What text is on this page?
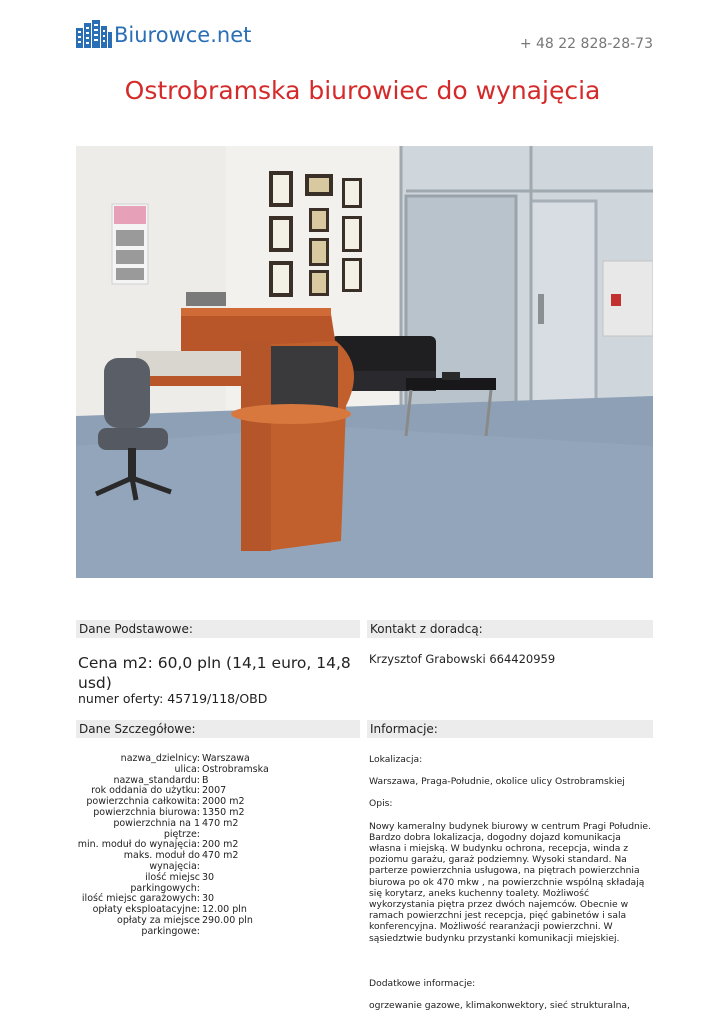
Biurowce.net	+ 48 22 828-28-73
Ostrobramska biurowiec do wynajęcia
Dane Podstawowe:	Kontakt z doradcą:
Cena m2: 60,0 pln (14,1 euro, 14,8 usd)
numer oferty: 45719/118/OBD
Krzysztof Grabowski 664420959
Dane Szczegółowe:	Informacje:
nazwa_dzielnicy: Warszawa
ulica: Ostrobramska
nazwa_standardu: B
rok oddania do użytku: 2007
powierzchnia całkowita: 2000 m2
powierzchnia biurowa: 1350 m2
powierzchnia na 1 piętrze:
470 m2
min. moduł do wynajęcia: 200 m2
maks. moduł do wynajęcia:
470 m2
ilość miejsc parkingowych:
30
ilość miejsc garażowych: 30
opłaty eksploatacyjne: 12.00 pln
opłaty za miejsce parkingowe:
290.00 pln

Lokalizacja:

Warszawa, Praga-Południe, okolice ulicy Ostrobramskiej

Opis:

Nowy kameralny budynek biurowy w centrum Pragi Południe. Bardzo dobra lokalizacja, dogodny dojazd komunikacja własna i miejską. W budynku ochrona, recepcja, winda z poziomu garażu, garaż podziemny. Wysoki standard. Na parterze powierzchnia usługowa, na piętrach powierzchnia biurowa po ok 470 mkw , na powierzchnie wspólną składają się korytarz, aneks kuchenny toalety. Możliwość wykorzystania piętra przez dwóch najemców. Obecnie w ramach powierzchni jest recepcja, pięć gabinetów i sala konferencyjna. Możliwość rearanżacji powierzchni. W sąsiedztwie budynku przystanki komunikacji miejskiej.

Dodatkowe informacje:

ogrzewanie gazowe, klimakonwektory, sieć strukturalna,
